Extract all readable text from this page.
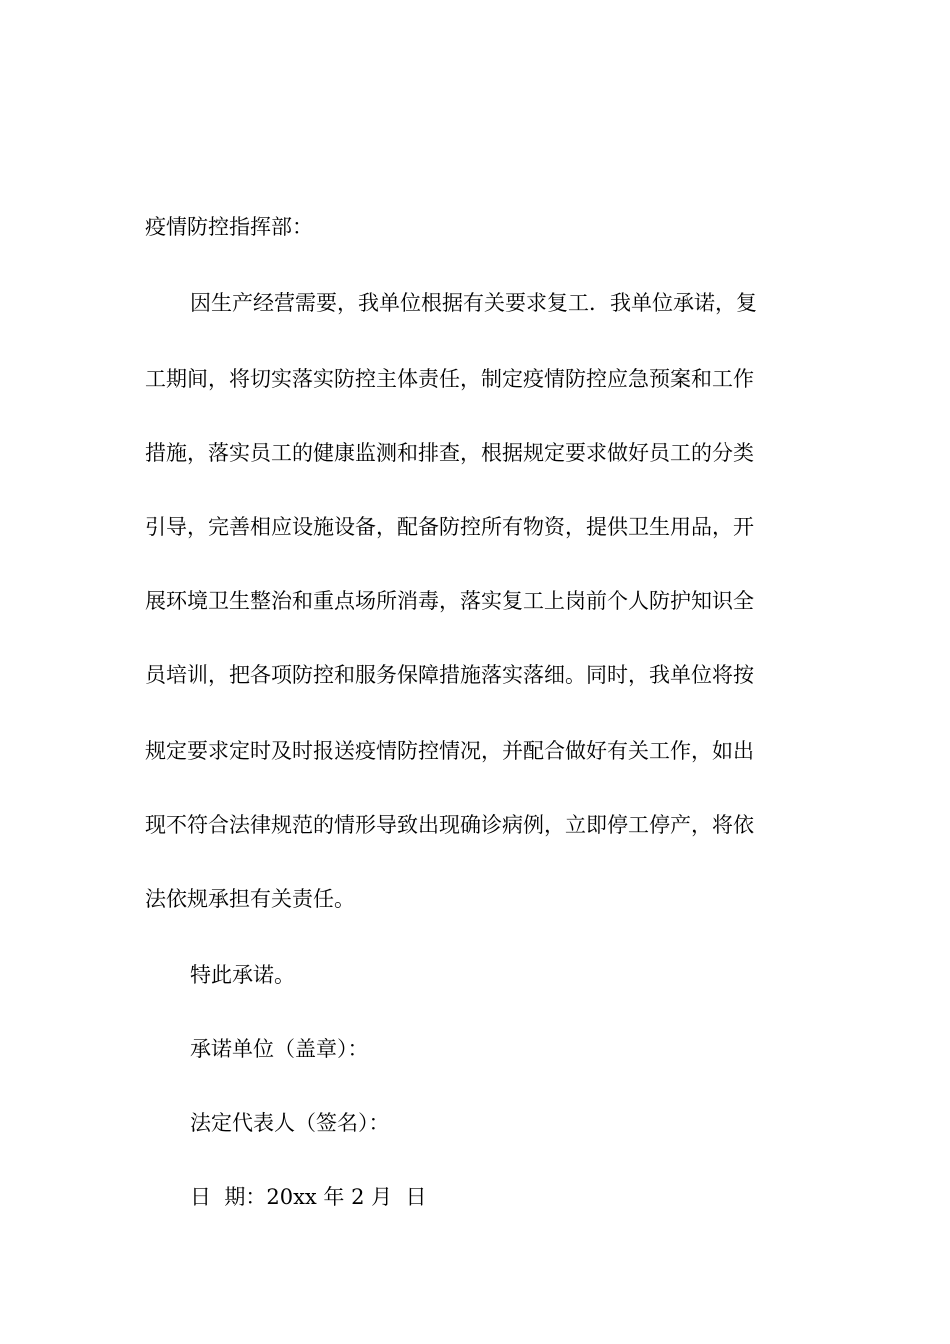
疫情防控指挥部：
因生产经营需要，我单位根据有关要求复工．我单位承诺，复
工期间，将切实落实防控主体责任，制定疫情防控应急预案和工作
措施，落实员工的健康监测和排查，根据规定要求做好员工的分类
引导，完善相应设施设备，配备防控所有物资，提供卫生用品，开
展环境卫生整治和重点场所消毒，落实复工上岗前个人防护知识全
员培训，把各项防控和服务保障措施落实落细。同时，我单位将按
规定要求定时及时报送疫情防控情况，并配合做好有关工作，如出
现不符合法律规范的情形导致出现确诊病例，立即停工停产，将依
法依规承担有关责任。
特此承诺。
承诺单位（盖章）：
法定代表人（签名）：
日  期：20xx 年 2 月  日
